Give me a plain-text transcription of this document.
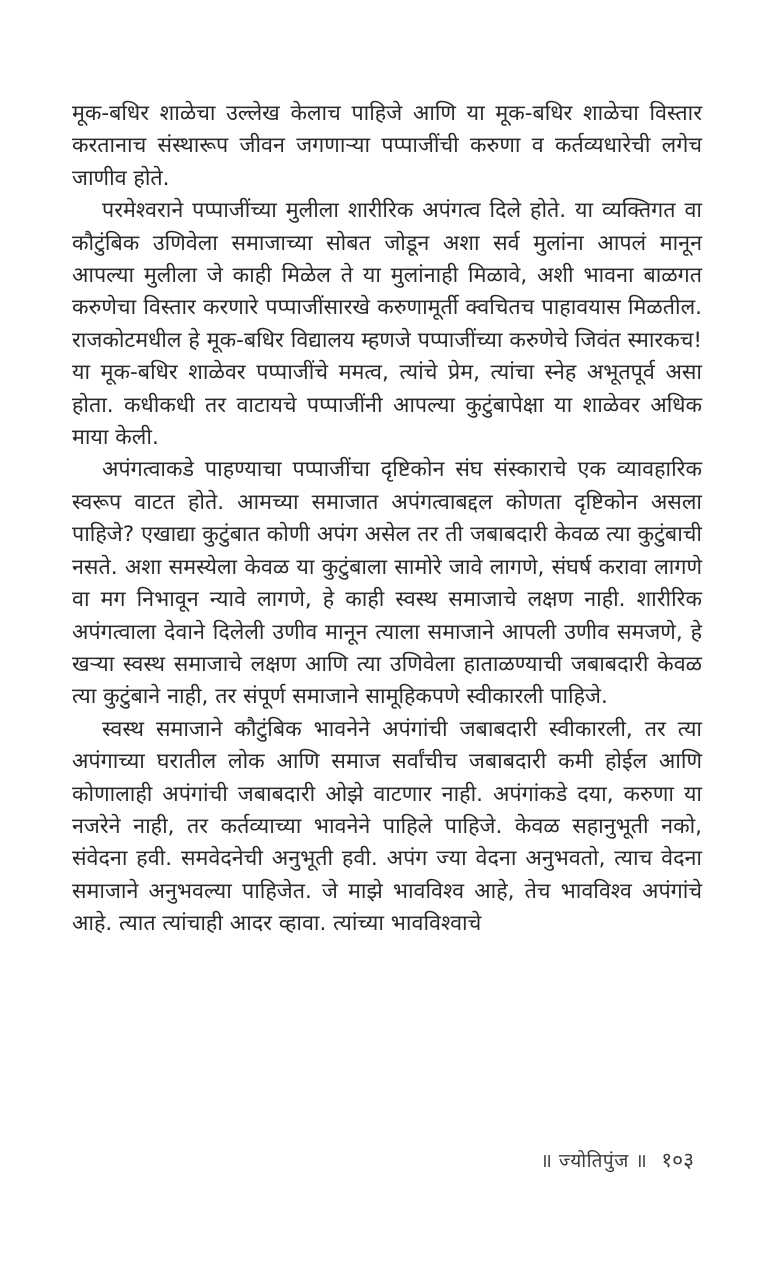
मूक-बधिर शाळेचा उल्लेख केलाच पाहिजे आणि या मूक-बधिर शाळेचा विस्तार करतानाच संस्थारूप जीवन जगणाऱ्या पप्पाजींची करुणा व कर्तव्यधारेची लगेच जाणीव होते.

परमेश्वराने पप्पाजींच्या मुलीला शारीरिक अपंगत्व दिले होते. या व्यक्तिगत वा कौटुंबिक उणिवेला समाजाच्या सोबत जोडून अशा सर्व मुलांना आपलं मानून आपल्या मुलीला जे काही मिळेल ते या मुलांनाही मिळावे, अशी भावना बाळगत करुणेचा विस्तार करणारे पप्पाजींसारखे करुणामूर्ती क्वचितच पाहावयास मिळतील. राजकोटमधील हे मूक-बधिर विद्यालय म्हणजे पप्पाजींच्या करुणेचे जिवंत स्मारकच! या मूक-बधिर शाळेवर पप्पाजींचे ममत्व, त्यांचे प्रेम, त्यांचा स्नेह अभूतपूर्व असा होता. कधीकधी तर वाटायचे पप्पाजींनी आपल्या कुटुंबापेक्षा या शाळेवर अधिक माया केली.

अपंगत्वाकडे पाहण्याचा पप्पाजींचा दृष्टिकोन संघ संस्काराचे एक व्यावहारिक स्वरूप वाटत होते. आमच्या समाजात अपंगत्वाबद्दल कोणता दृष्टिकोन असला पाहिजे? एखाद्या कुटुंबात कोणी अपंग असेल तर ती जबाबदारी केवळ त्या कुटुंबाची नसते. अशा समस्येला केवळ या कुटुंबाला सामोरे जावे लागणे, संघर्ष करावा लागणे वा मग निभावून न्यावे लागणे, हे काही स्वस्थ समाजाचे लक्षण नाही. शारीरिक अपंगत्वाला देवाने दिलेली उणीव मानून त्याला समाजाने आपली उणीव समजणे, हे खऱ्या स्वस्थ समाजाचे लक्षण आणि त्या उणिवेला हाताळण्याची जबाबदारी केवळ त्या कुटुंबाने नाही, तर संपूर्ण समाजाने सामूहिकपणे स्वीकारली पाहिजे.

स्वस्थ समाजाने कौटुंबिक भावनेने अपंगांची जबाबदारी स्वीकारली, तर त्या अपंगाच्या घरातील लोक आणि समाज सर्वांचीच जबाबदारी कमी होईल आणि कोणालाही अपंगांची जबाबदारी ओझे वाटणार नाही. अपंगांकडे दया, करुणा या नजरेने नाही, तर कर्तव्याच्या भावनेने पाहिले पाहिजे. केवळ सहानुभूती नको, संवेदना हवी. समवेदनेची अनुभूती हवी. अपंग ज्या वेदना अनुभवतो, त्याच वेदना समाजाने अनुभवल्या पाहिजेत. जे माझे भावविश्व आहे, तेच भावविश्व अपंगांचे आहे. त्यात त्यांचाही आदर व्हावा. त्यांच्या भावविश्वाचे

॥ ज्योतिपुंज ॥ १०३
